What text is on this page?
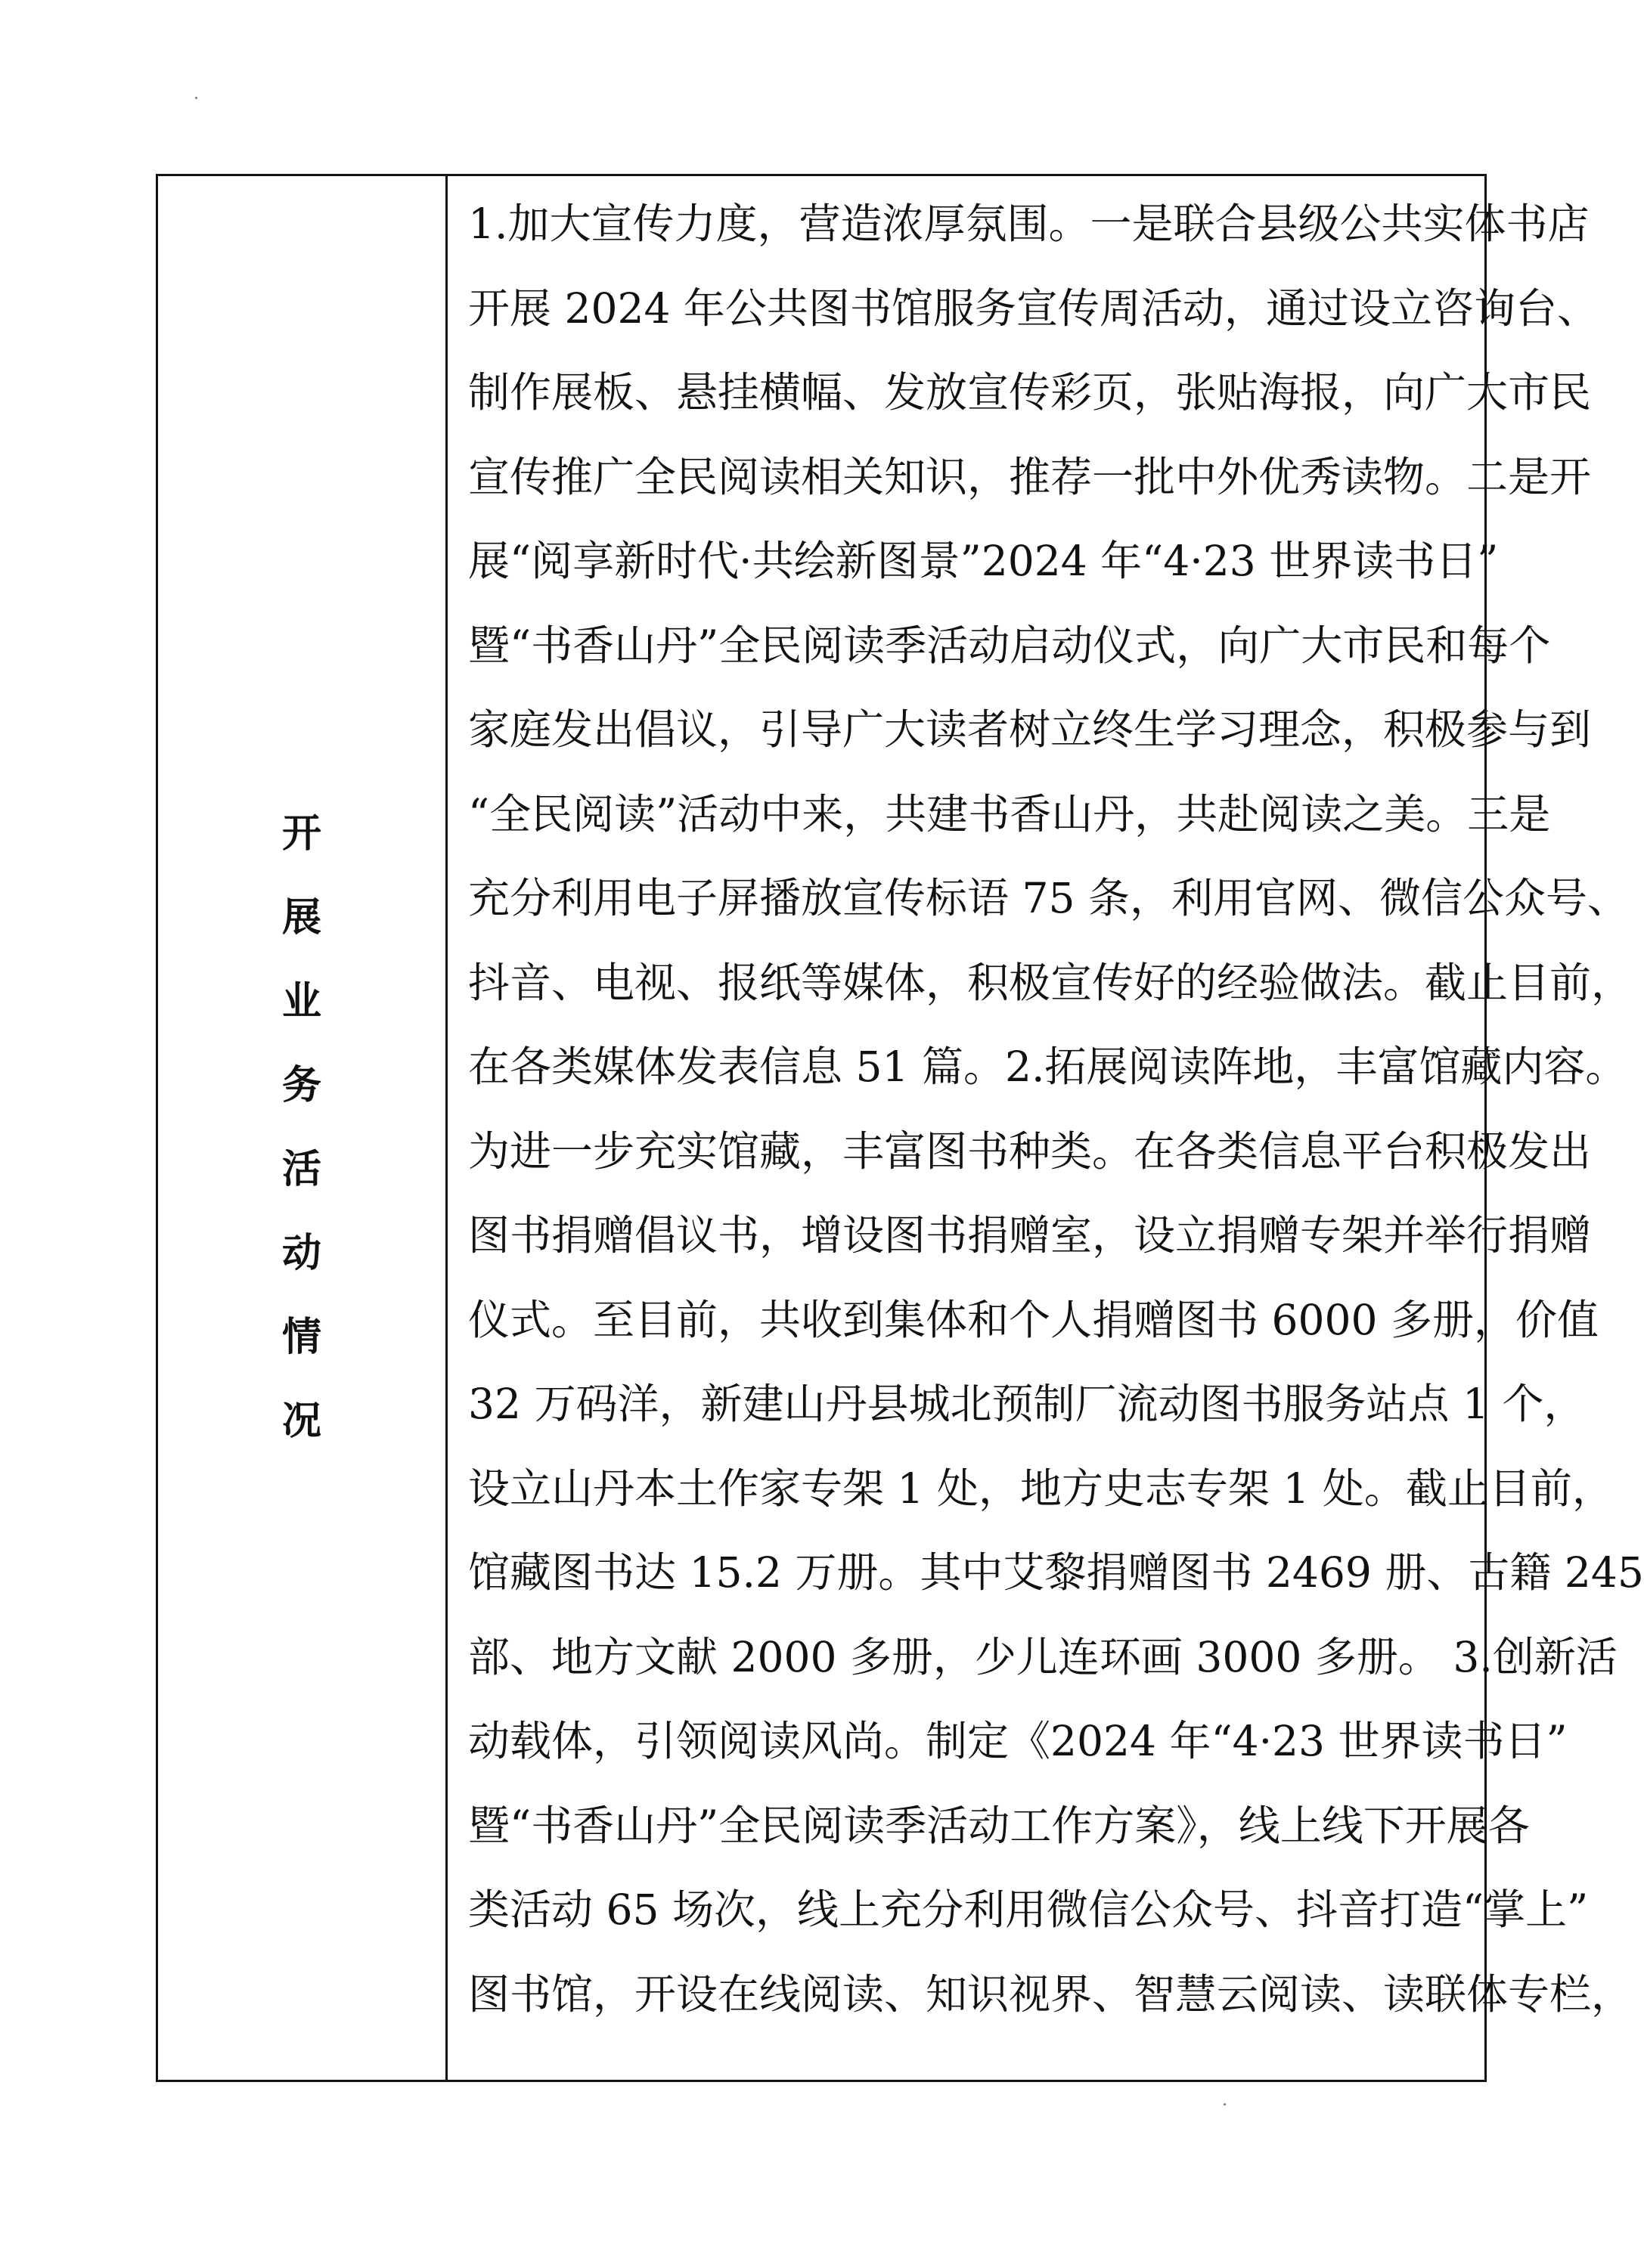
开
展
业
务
活
动
情
况
1.加大宣传力度，营造浓厚氛围。一是联合县级公共实体书店
开展 2024 年公共图书馆服务宣传周活动，通过设立咨询台、
制作展板、悬挂横幅、发放宣传彩页，张贴海报，向广大市民
宣传推广全民阅读相关知识，推荐一批中外优秀读物。二是开
展“阅享新时代·共绘新图景”2024 年“4·23 世界读书日”
暨“书香山丹”全民阅读季活动启动仪式，向广大市民和每个
家庭发出倡议，引导广大读者树立终生学习理念，积极参与到
“全民阅读”活动中来，共建书香山丹，共赴阅读之美。三是
充分利用电子屏播放宣传标语 75 条，利用官网、微信公众号、
抖音、电视、报纸等媒体，积极宣传好的经验做法。截止目前，
在各类媒体发表信息 51 篇。2.拓展阅读阵地，丰富馆藏内容。
为进一步充实馆藏，丰富图书种类。在各类信息平台积极发出
图书捐赠倡议书，增设图书捐赠室，设立捐赠专架并举行捐赠
仪式。至目前，共收到集体和个人捐赠图书 6000 多册，价值
32 万码洋，新建山丹县城北预制厂流动图书服务站点 1 个，
设立山丹本土作家专架 1 处，地方史志专架 1 处。截止目前，
馆藏图书达 15.2 万册。其中艾黎捐赠图书 2469 册、古籍 245
部、地方文献 2000 多册，少儿连环画 3000 多册。 3.创新活
动载体，引领阅读风尚。制定《2024 年“4·23 世界读书日”
暨“书香山丹”全民阅读季活动工作方案》，线上线下开展各
类活动 65 场次，线上充分利用微信公众号、抖音打造“掌上”
图书馆，开设在线阅读、知识视界、智慧云阅读、读联体专栏，
